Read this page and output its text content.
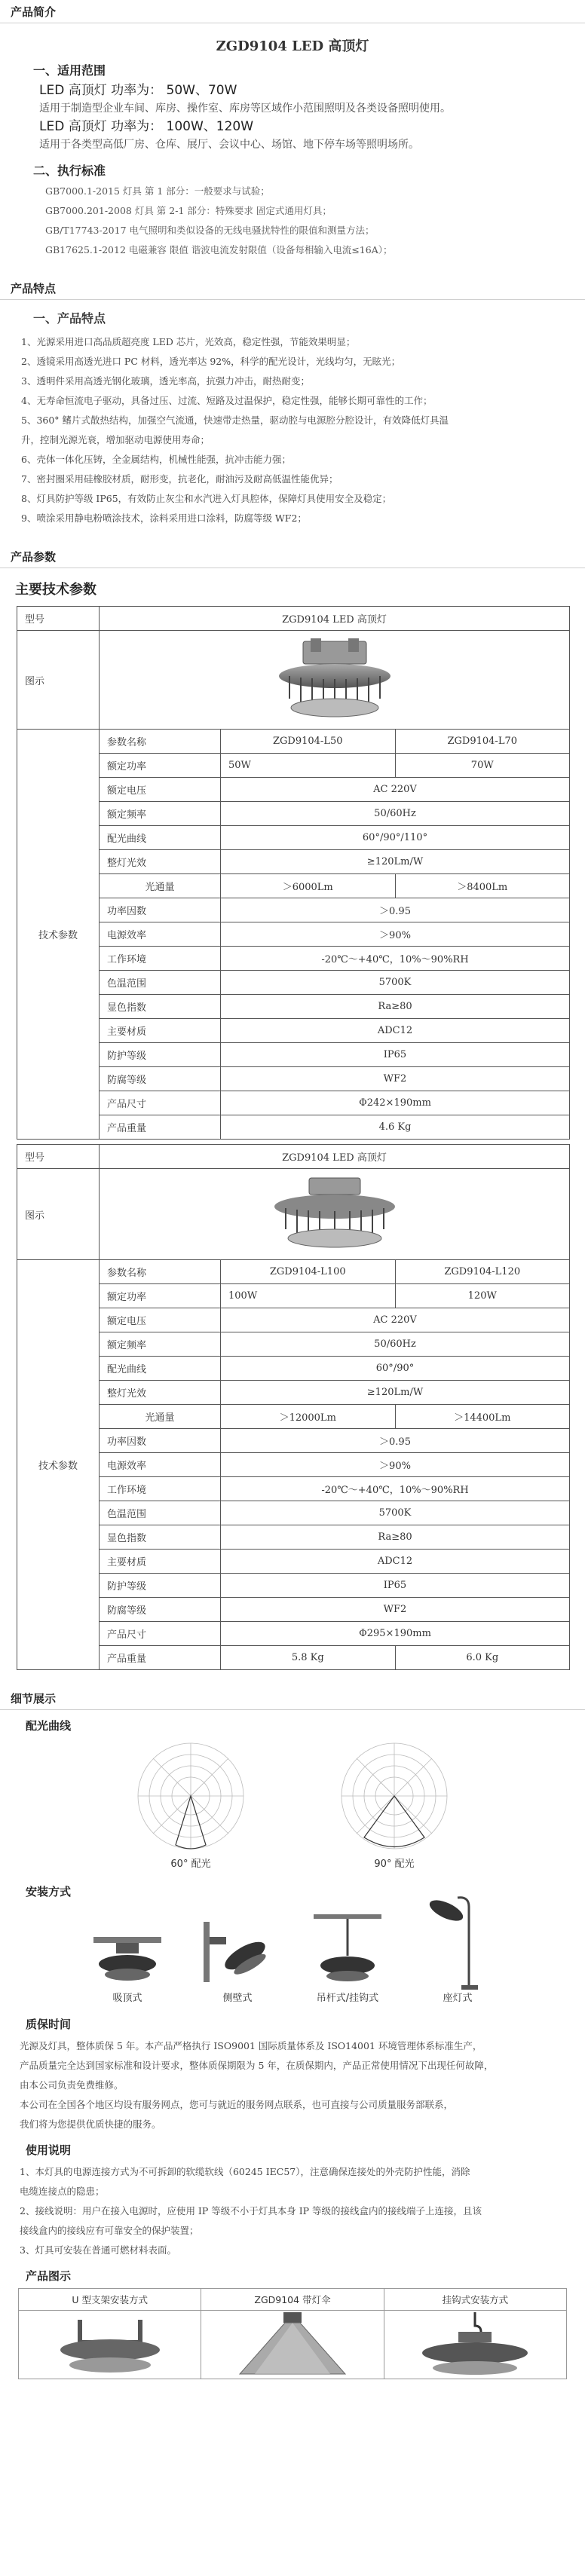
产品简介
ZGD9104 LED 高顶灯
一、适用范围
LED 高顶灯 功率为： 50W、70W
适用于制造型企业车间、库房、操作室、库房等区域作小范围照明及各类设备照明使用。
LED 高顶灯 功率为： 100W、120W
适用于各类型高低厂房、仓库、展厅、会议中心、场馆、地下停车场等照明场所。
二、执行标准
GB7000.1-2015 灯具 第 1 部分：一般要求与试验；
GB7000.201-2008 灯具 第 2-1 部分：特殊要求 固定式通用灯具；
GB/T17743-2017 电气照明和类似设备的无线电骚扰特性的限值和测量方法；
GB17625.1-2012 电磁兼容 限值 谐波电流发射限值（设备每相输入电流≤16A）；
产品特点
一、产品特点
1、光源采用进口高品质超亮度 LED 芯片，光效高，稳定性强，节能效果明显；
2、透镜采用高透光进口 PC 材料，透光率达 92%，科学的配光设计，光线均匀，无眩光；
3、透明件采用高透光钢化玻璃，透光率高，抗强力冲击，耐热耐变；
4、无寿命恒流电子驱动，具备过压、过流、短路及过温保护，稳定性强，能够长期可靠性的工作；
5、360° 鳍片式散热结构，加强空气流通，快速带走热量，驱动腔与电源腔分腔设计，有效降低灯具温
升，控制光源光衰，增加驱动电源使用寿命；
6、壳体一体化压铸，全金属结构，机械性能强，抗冲击能力强；
7、密封圈采用硅橡胶材质，耐形变，抗老化，耐油污及耐高低温性能优异；
8、灯具防护等级 IP65，有效防止灰尘和水汽进入灯具腔体，保障灯具使用安全及稳定；
9、喷涂采用静电粉喷涂技术，涂料采用进口涂料，防腐等级 WF2；
产品参数
主要技术参数
型号	ZGD9104 LED 高顶灯		
图示	

技术参数	参数名称	ZGD9104-L50	ZGD9104-L70
	额定功率	50W	70W
	额定电压	AC 220V	
	额定频率	50/60Hz	
	配光曲线	60°/90°/110°	
	整灯光效	≥120Lm/W	
	光通量	＞6000Lm	＞8400Lm
	功率因数	＞0.95	
	电源效率	＞90%	
	工作环境	-20℃～+40℃，10%～90%RH	
	色温范围	5700K	
	显色指数	Ra≥80	
	主要材质	ADC12	
	防护等级	IP65	
	防腐等级	WF2	
	产品尺寸	Φ242×190mm	
	产品重量	4.6 Kg	
型号	ZGD9104 LED 高顶灯		
图示	

技术参数	参数名称	ZGD9104-L100	ZGD9104-L120
	额定功率	100W	120W
	额定电压	AC 220V	
	额定频率	50/60Hz	
	配光曲线	60°/90°	
	整灯光效	≥120Lm/W	
	光通量	＞12000Lm	＞14400Lm
	功率因数	＞0.95	
	电源效率	＞90%	
	工作环境	-20℃～+40℃，10%～90%RH	
	色温范围	5700K	
	显色指数	Ra≥80	
	主要材质	ADC12	
	防护等级	IP65	
	防腐等级	WF2	
	产品尺寸	Φ295×190mm	
	产品重量	5.8 Kg	6.0 Kg
细节展示
配光曲线
60° 配光	90° 配光
安装方式
吸顶式	侧壁式	吊杆式/挂钩式	座灯式
质保时间
光源及灯具，整体质保 5 年。本产品严格执行 ISO9001 国际质量体系及 ISO14001 环境管理体系标准生产，
产品质量完全达到国家标准和设计要求，整体质保期限为 5 年，在质保期内，产品正常使用情况下出现任何故障，
由本公司负责免费维修。
本公司在全国各个地区均设有服务网点，您可与就近的服务网点联系，也可直接与公司质量服务部联系，
我们将为您提供优质快捷的服务。
使用说明
1、本灯具的电源连接方式为不可拆卸的软缆软线（60245 IEC57），注意确保连接处的外壳防护性能，消除
电缆连接点的隐患；
2、接线说明：用户在接入电源时，应使用 IP 等级不小于灯具本身 IP 等级的接线盒内的接线端子上连接，且该
接线盒内的接线应有可靠安全的保护装置；
3、灯具可安装在普通可燃材料表面。
产品图示
U 型支架安装方式	ZGD9104 带灯伞	挂钩式安装方式
